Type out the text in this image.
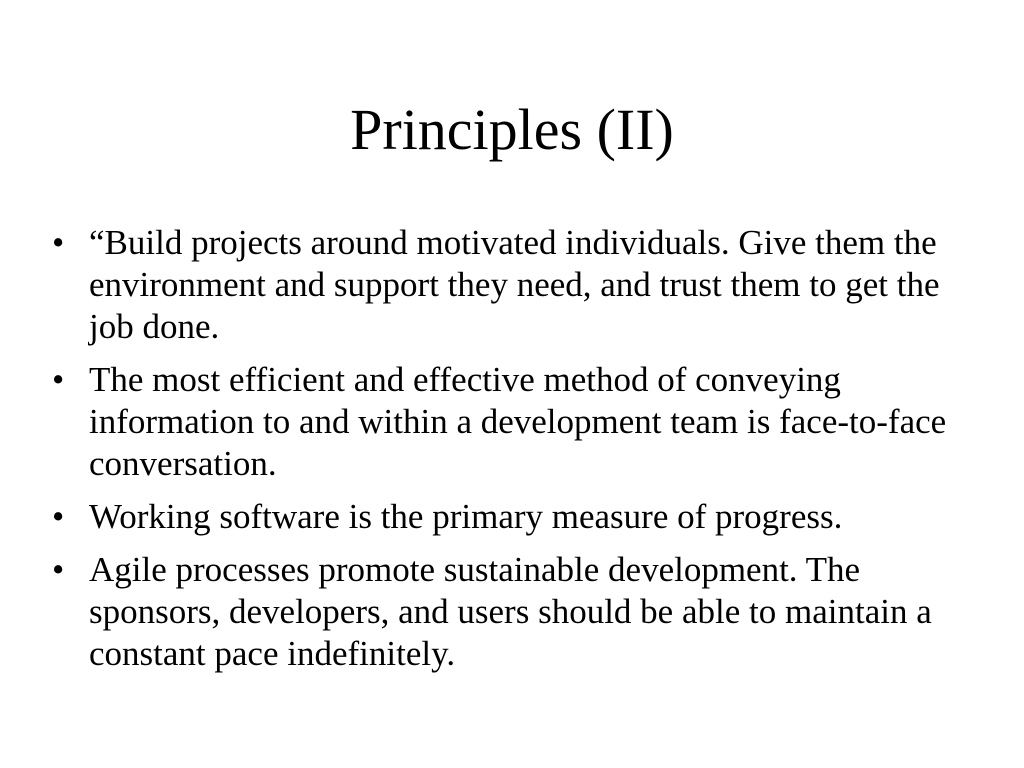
Principles (II)
• “Build projects around motivated individuals. Give them the environment and support they need, and trust them to get the job done.
• The most efficient and effective method of conveying information to and within a development team is face-to-face conversation.
• Working software is the primary measure of progress.
• Agile processes promote sustainable development. The sponsors, developers, and users should be able to maintain a constant pace indefinitely.
